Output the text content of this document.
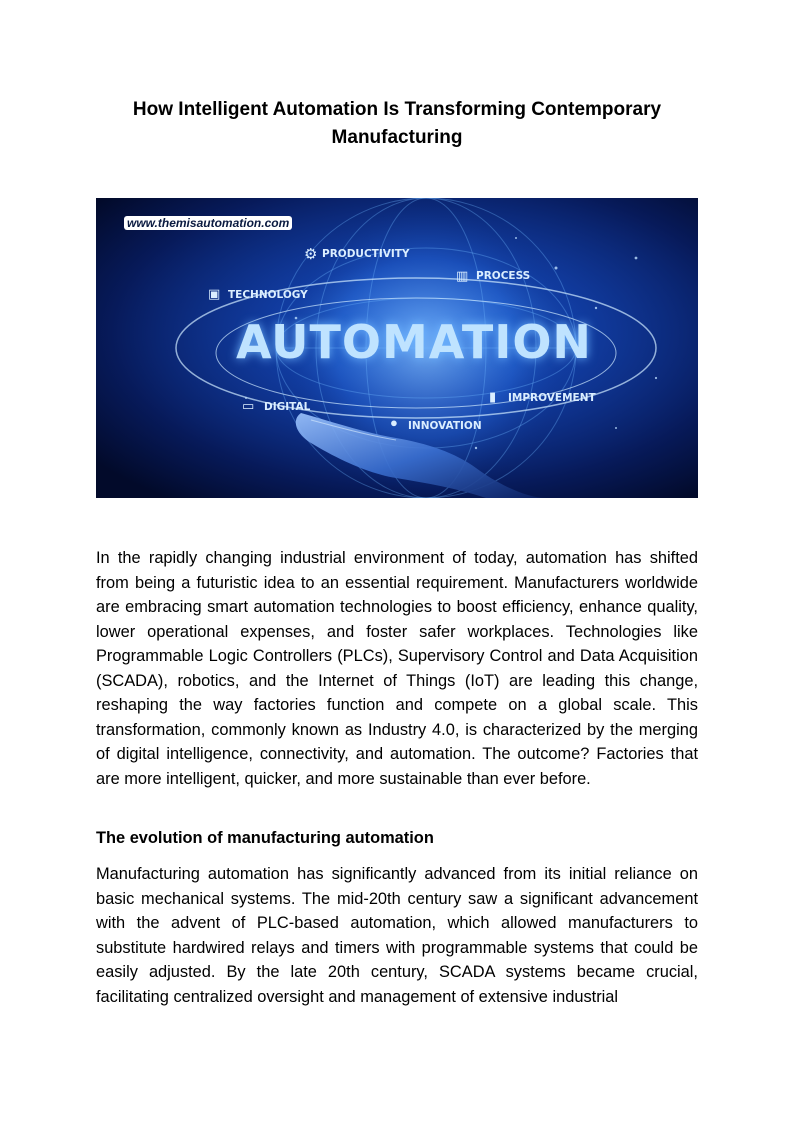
How Intelligent Automation Is Transforming Contemporary Manufacturing
www.themisautomation.com
⚙ PRODUCTIVITY
▥ PROCESS
▣ TECHNOLOGY
AUTOMATION
▭ DIGITAL
▮ IMPROVEMENT
● INNOVATION

In the rapidly changing industrial environment of today, automation has shifted from being a futuristic idea to an essential requirement. Manufacturers worldwide are embracing smart automation technologies to boost efficiency, enhance quality, lower operational expenses, and foster safer workplaces. Technologies like Programmable Logic Controllers (PLCs), Supervisory Control and Data Acquisition (SCADA), robotics, and the Internet of Things (IoT) are leading this change, reshaping the way factories function and compete on a global scale. This transformation, commonly known as Industry 4.0, is characterized by the merging of digital intelligence, connectivity, and automation. The outcome? Factories that are more intelligent, quicker, and more sustainable than ever before.

The evolution of manufacturing automation

Manufacturing automation has significantly advanced from its initial reliance on basic mechanical systems. The mid-20th century saw a significant advancement with the advent of PLC-based automation, which allowed manufacturers to substitute hardwired relays and timers with programmable systems that could be easily adjusted. By the late 20th century, SCADA systems became crucial, facilitating centralized oversight and management of extensive industrial
